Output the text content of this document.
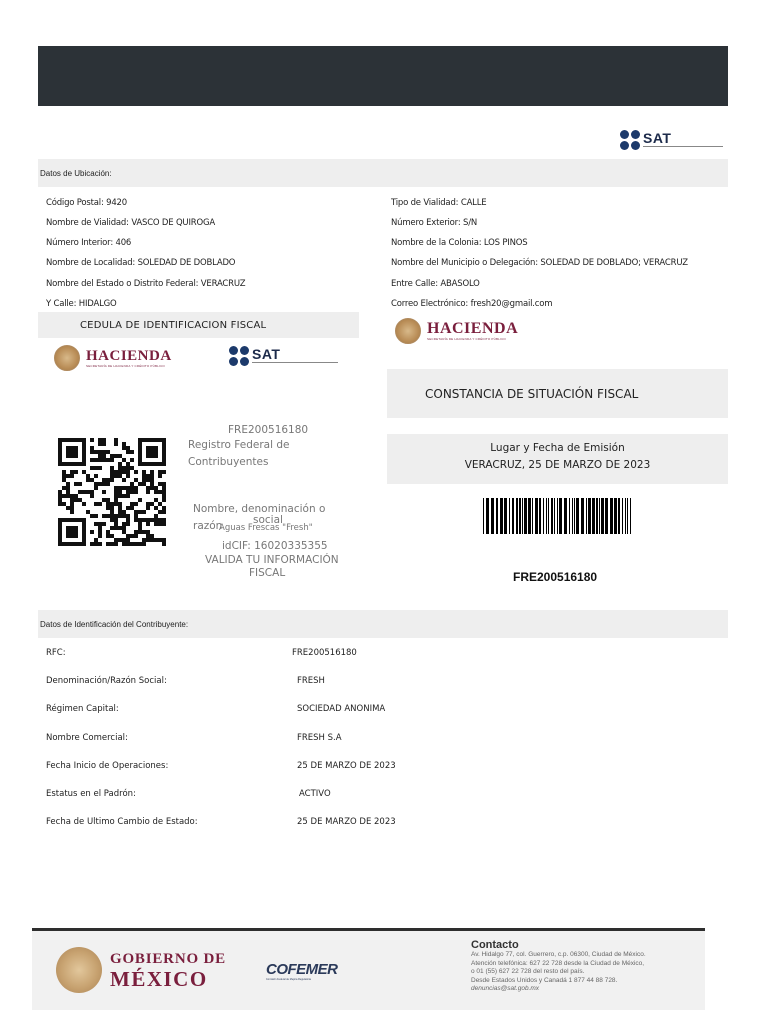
SAT
Datos de Ubicación:
Código Postal: 9420
Nombre de Vialidad: VASCO DE QUIROGA
Número Interior: 406
Nombre de Localidad: SOLEDAD DE DOBLADO
Nombre del Estado o Distrito Federal: VERACRUZ
Y Calle: HIDALGO
Tipo de Vialidad: CALLE
Número Exterior: S/N
Nombre de la Colonia: LOS PINOS
Nombre del Municipio o Delegación: SOLEDAD DE DOBLADO; VERACRUZ
Entre Calle: ABASOLO
Correo Electrónico: fresh20@gmail.com
CEDULA DE IDENTIFICACION FISCAL
HACIENDA
SECRETARÍA DE HACIENDA Y CRÉDITO PÚBLICO
SAT
FRE200516180
Registro Federal de
Contribuyentes
Nombre, denominación o
social
razón
Aguas Frescas "Fresh"
idCIF: 16020335355
VALIDA TU INFORMACIÓN
FISCAL
HACIENDA
SECRETARÍA DE HACIENDA Y CRÉDITO PÚBLICO
CONSTANCIA DE SITUACIÓN FISCAL
Lugar y Fecha de Emisión
VERACRUZ, 25 DE MARZO DE 2023
FRE200516180
Datos de Identificación del Contribuyente:
RFC:	FRE200516180
Denominación/Razón Social:	FRESH
Régimen Capital:	SOCIEDAD ANONIMA
Nombre Comercial:	FRESH S.A
Fecha Inicio de Operaciones:	25 DE MARZO DE 2023
Estatus en el Padrón:	ACTIVO
Fecha de Ultimo Cambio de Estado:	25 DE MARZO DE 2023
GOBIERNO DE
MÉXICO	COFEMER
Comisión Federal de Mejora Regulatoria
Contacto
Av. Hidalgo 77, col. Guerrero, c.p. 06300, Ciudad de México.
Atención telefónica: 627 22 728 desde la Ciudad de México,
o 01 (55) 627 22 728 del resto del país.
Desde Estados Unidos y Canadá 1 877 44 88 728.
denuncias@sat.gob.mx
